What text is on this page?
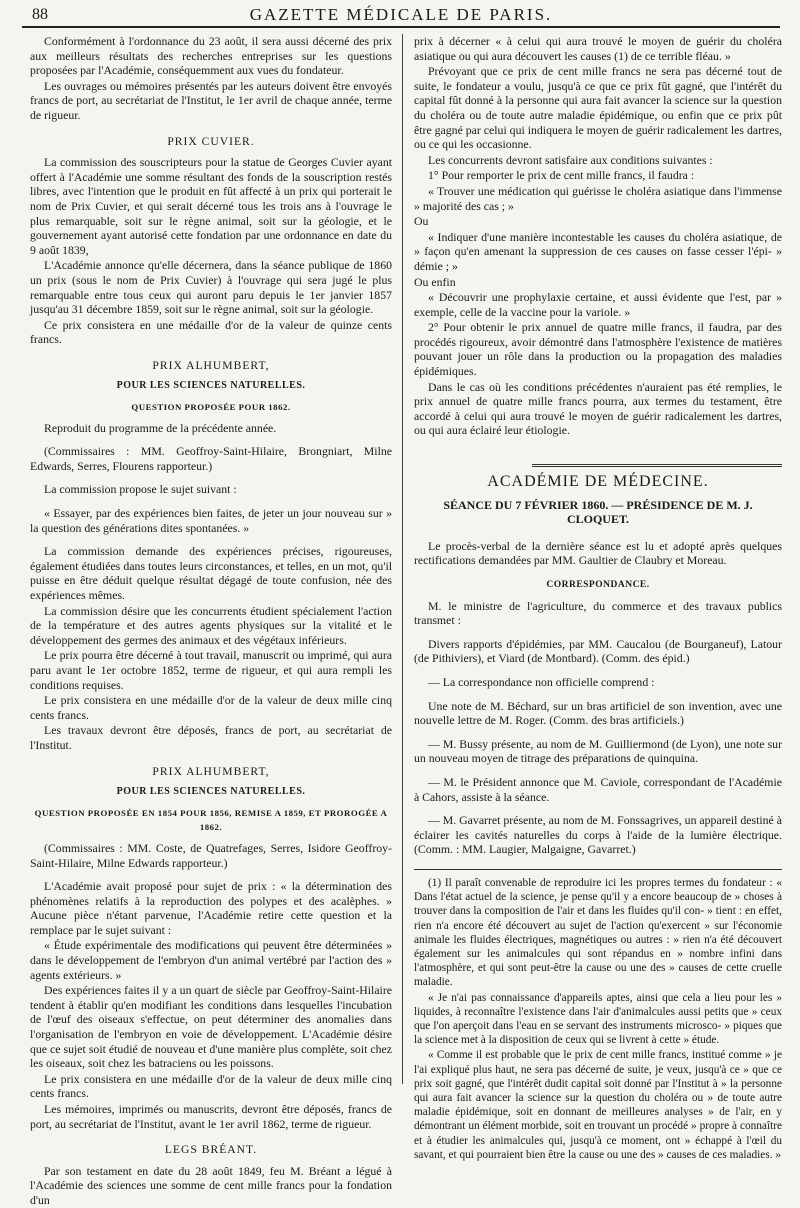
88	GAZETTE MÉDICALE DE PARIS.

Conformément à l'ordonnance du 23 août, il sera aussi décerné des prix aux meilleurs résultats des recherches entreprises sur les questions proposées par l'Académie, conséquemment aux vues du fondateur.

Les ouvrages ou mémoires présentés par les auteurs doivent être envoyés francs de port, au secrétariat de l'Institut, le 1er avril de chaque année, terme de rigueur.

PRIX CUVIER.

La commission des souscripteurs pour la statue de Georges Cuvier ayant offert à l'Académie une somme résultant des fonds de la souscription restés libres, avec l'intention que le produit en fût affecté à un prix qui porterait le nom de Prix Cuvier, et qui serait décerné tous les trois ans à l'ouvrage le plus remarquable, soit sur le règne animal, soit sur la géologie, et le gouvernement ayant autorisé cette fondation par une ordonnance en date du 9 août 1839,

L'Académie annonce qu'elle décernera, dans la séance publique de 1860 un prix (sous le nom de Prix Cuvier) à l'ouvrage qui sera jugé le plus remarquable entre tous ceux qui auront paru depuis le 1er janvier 1857 jusqu'au 31 décembre 1859, soit sur le règne animal, soit sur la géologie.

Ce prix consistera en une médaille d'or de la valeur de quinze cents francs.

PRIX ALHUMBERT,
POUR LES SCIENCES NATURELLES.
QUESTION PROPOSÉE POUR 1862.

Reproduit du programme de la précédente année.

(Commissaires : MM. Geoffroy-Saint-Hilaire, Brongniart, Milne Edwards, Serres, Flourens rapporteur.)

La commission propose le sujet suivant :

« Essayer, par des expériences bien faites, de jeter un jour nouveau sur » la question des générations dites spontanées. »

La commission demande des expériences précises, rigoureuses, également étudiées dans toutes leurs circonstances, et telles, en un mot, qu'il puisse en être déduit quelque résultat dégagé de toute confusion, née des expériences mêmes.

La commission désire que les concurrents étudient spécialement l'action de la température et des autres agents physiques sur la vitalité et le développement des germes des animaux et des végétaux inférieurs.

Le prix pourra être décerné à tout travail, manuscrit ou imprimé, qui aura paru avant le 1er octobre 1852, terme de rigueur, et qui aura rempli les conditions requises.

Le prix consistera en une médaille d'or de la valeur de deux mille cinq cents francs.

Les travaux devront être déposés, francs de port, au secrétariat de l'Institut.

PRIX ALHUMBERT,
POUR LES SCIENCES NATURELLES.
QUESTION PROPOSÉE EN 1854 POUR 1856, REMISE A 1859, ET PROROGÉE A 1862.

(Commissaires : MM. Coste, de Quatrefages, Serres, Isidore Geoffroy-Saint-Hilaire, Milne Edwards rapporteur.)

L'Académie avait proposé pour sujet de prix : « la détermination des phénomènes relatifs à la reproduction des polypes et des acalèphes. » Aucune pièce n'étant parvenue, l'Académie retire cette question et la remplace par le sujet suivant :

« Étude expérimentale des modifications qui peuvent être déterminées » dans le développement de l'embryon d'un animal vertébré par l'action des » agents extérieurs. »

Des expériences faites il y a un quart de siècle par Geoffroy-Saint-Hilaire tendent à établir qu'en modifiant les conditions dans lesquelles l'incubation de l'œuf des oiseaux s'effectue, on peut déterminer des anomalies dans l'organisation de l'embryon en voie de développement. L'Académie désire que ce sujet soit étudié de nouveau et d'une manière plus complète, soit chez les oiseaux, soit chez les batraciens ou les poissons.

Le prix consistera en une médaille d'or de la valeur de deux mille cinq cents francs.

Les mémoires, imprimés ou manuscrits, devront être déposés, francs de port, au secrétariat de l'Institut, avant le 1er avril 1862, terme de rigueur.

LEGS BRÉANT.

Par son testament en date du 28 août 1849, feu M. Bréant a légué à l'Académie des sciences une somme de cent mille francs pour la fondation d'un

prix à décerner « à celui qui aura trouvé le moyen de guérir du choléra asiatique ou qui aura découvert les causes (1) de ce terrible fléau. »

Prévoyant que ce prix de cent mille francs ne sera pas décerné tout de suite, le fondateur a voulu, jusqu'à ce que ce prix fût gagné, que l'intérêt du capital fût donné à la personne qui aura fait avancer la science sur la question du choléra ou de toute autre maladie épidémique, ou enfin que ce prix pût être gagné par celui qui indiquera le moyen de guérir radicalement les dartres, ou ce qui les occasionne.

Les concurrents devront satisfaire aux conditions suivantes :

1° Pour remporter le prix de cent mille francs, il faudra :

« Trouver une médication qui guérisse le choléra asiatique dans l'immense » majorité des cas ; »

Ou

« Indiquer d'une manière incontestable les causes du choléra asiatique, de » façon qu'en amenant la suppression de ces causes on fasse cesser l'épi- » démie ; »

Ou enfin

« Découvrir une prophylaxie certaine, et aussi évidente que l'est, par » exemple, celle de la vaccine pour la variole. »

2° Pour obtenir le prix annuel de quatre mille francs, il faudra, par des procédés rigoureux, avoir démontré dans l'atmosphère l'existence de matières pouvant jouer un rôle dans la production ou la propagation des maladies épidémiques.

Dans le cas où les conditions précédentes n'auraient pas été remplies, le prix annuel de quatre mille francs pourra, aux termes du testament, être accordé à celui qui aura trouvé le moyen de guérir radicalement les dartres, ou qui aura éclairé leur étiologie.

ACADÉMIE DE MÉDECINE.
SÉANCE DU 7 FÉVRIER 1860. — PRÉSIDENCE DE M. J. CLOQUET.

Le procès-verbal de la dernière séance est lu et adopté après quelques rectifications demandées par MM. Gaultier de Claubry et Moreau.

CORRESPONDANCE.

M. le ministre de l'agriculture, du commerce et des travaux publics transmet :

Divers rapports d'épidémies, par MM. Caucalou (de Bourganeuf), Latour (de Pithiviers), et Viard (de Montbard). (Comm. des épid.)

— La correspondance non officielle comprend :

Une note de M. Béchard, sur un bras artificiel de son invention, avec une nouvelle lettre de M. Roger. (Comm. des bras artificiels.)

— M. Bussy présente, au nom de M. Guilliermond (de Lyon), une note sur un nouveau moyen de titrage des préparations de quinquina.

— M. le Président annonce que M. Caviole, correspondant de l'Académie à Cahors, assiste à la séance.

— M. Gavarret présente, au nom de M. Fonssagrives, un appareil destiné à éclairer les cavités naturelles du corps à l'aide de la lumière électrique. (Comm. : MM. Laugier, Malgaigne, Gavarret.)

(1) Il paraît convenable de reproduire ici les propres termes du fondateur : « Dans l'état actuel de la science, je pense qu'il y a encore beaucoup de » choses à trouver dans la composition de l'air et dans les fluides qu'il con- » tient : en effet, rien n'a encore été découvert au sujet de l'action qu'exercent » sur l'économie animale les fluides électriques, magnétiques ou autres : » rien n'a été découvert également sur les animalcules qui sont répandus en » nombre infini dans l'atmosphère, et qui sont peut-être la cause ou une des » causes de cette cruelle maladie.

« Je n'ai pas connaissance d'appareils aptes, ainsi que cela a lieu pour les » liquides, à reconnaître l'existence dans l'air d'animalcules aussi petits que » ceux que l'on aperçoit dans l'eau en se servant des instruments microsco- » piques que la science met à la disposition de ceux qui se livrent à cette » étude.

« Comme il est probable que le prix de cent mille francs, institué comme » je l'ai expliqué plus haut, ne sera pas décerné de suite, je veux, jusqu'à ce » que ce prix soit gagné, que l'intérêt dudit capital soit donné par l'Institut à » la personne qui aura fait avancer la science sur la question du choléra ou » de toute autre maladie épidémique, soit en donnant de meilleures analyses » de l'air, en y démontrant un élément morbide, soit en trouvant un procédé » propre à connaître et à étudier les animalcules qui, jusqu'à ce moment, ont » échappé à l'œil du savant, et qui pourraient bien être la cause ou une des » causes de ces maladies. »
